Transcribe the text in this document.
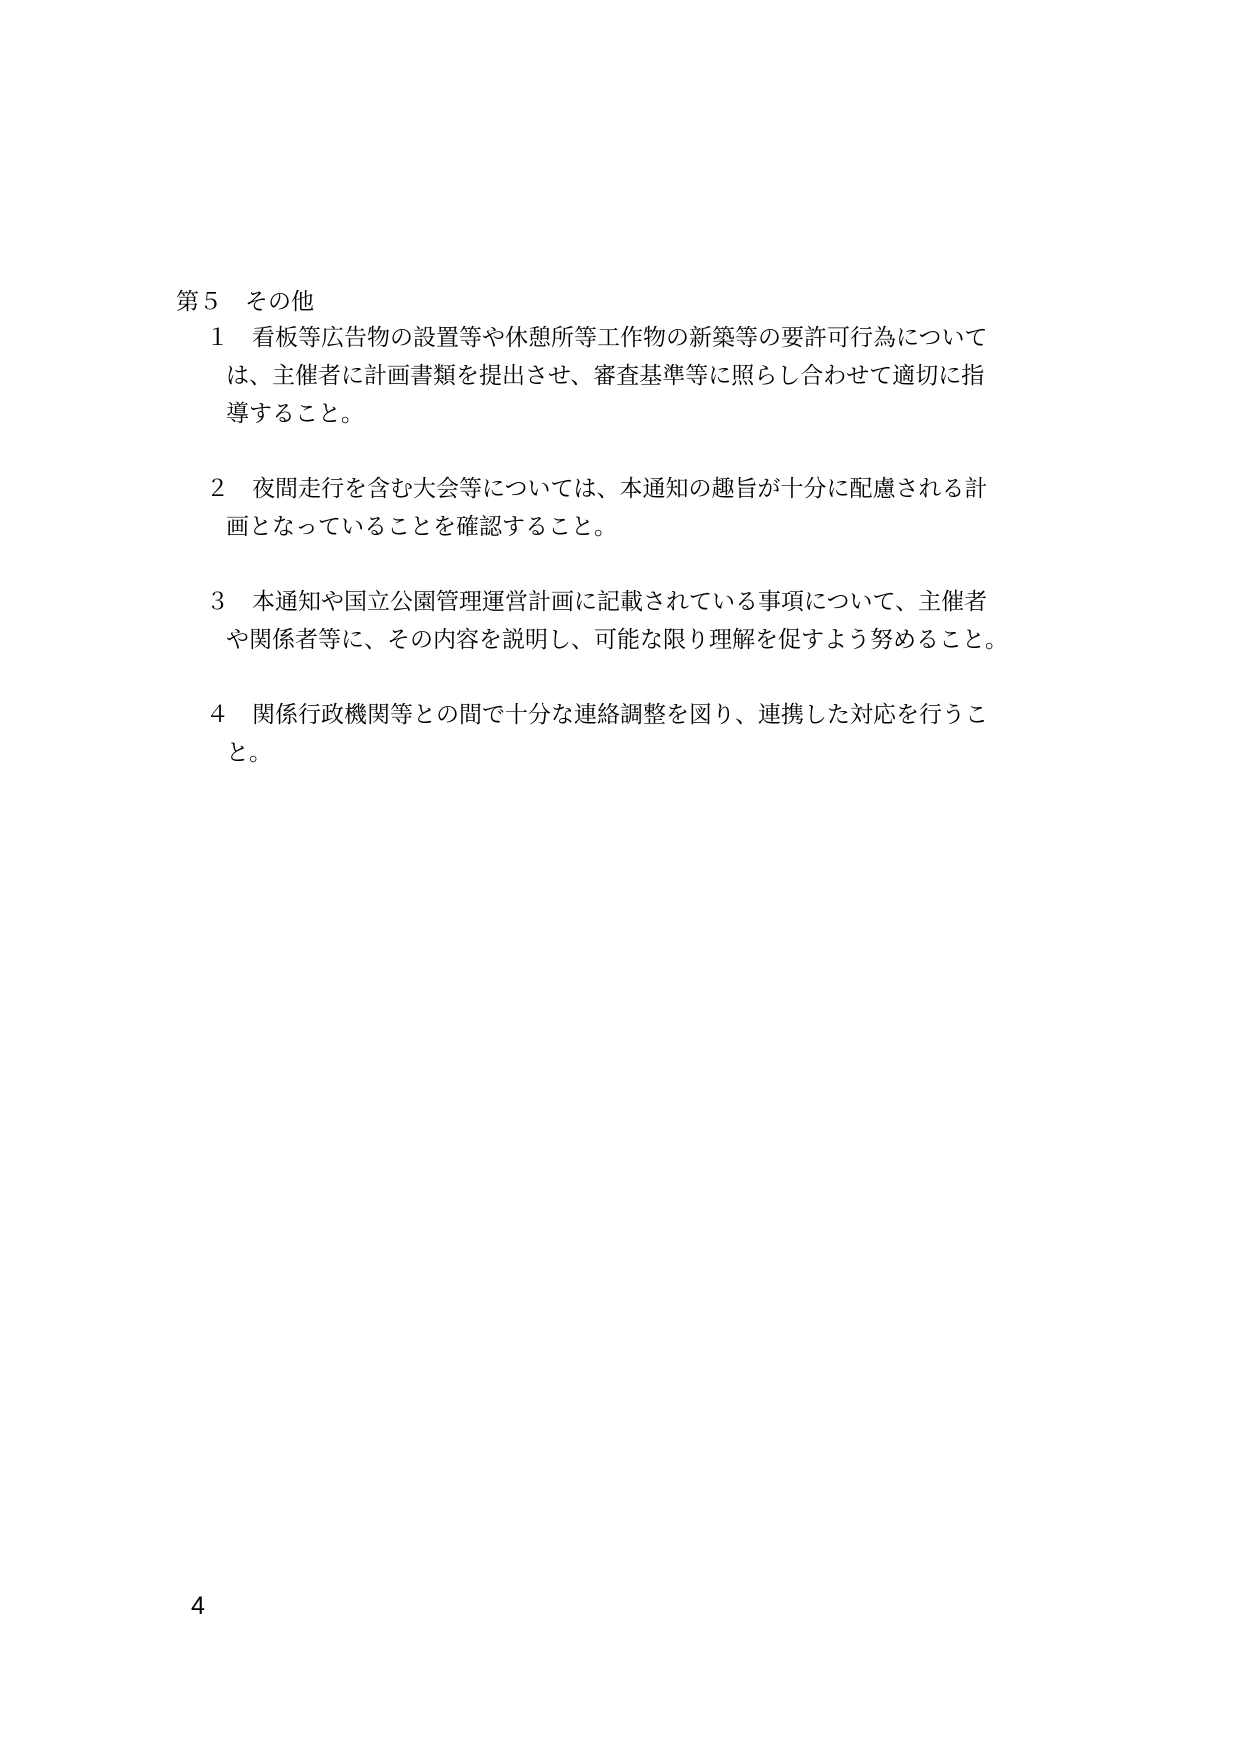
第５　その他
１　看板等広告物の設置等や休憩所等工作物の新築等の要許可行為について
は、主催者に計画書類を提出させ、審査基準等に照らし合わせて適切に指
導すること。
２　夜間走行を含む大会等については、本通知の趣旨が十分に配慮される計
画となっていることを確認すること。
３　本通知や国立公園管理運営計画に記載されている事項について、主催者
や関係者等に、その内容を説明し、可能な限り理解を促すよう努めること。
４　関係行政機関等との間で十分な連絡調整を図り、連携した対応を行うこ
と。
4
